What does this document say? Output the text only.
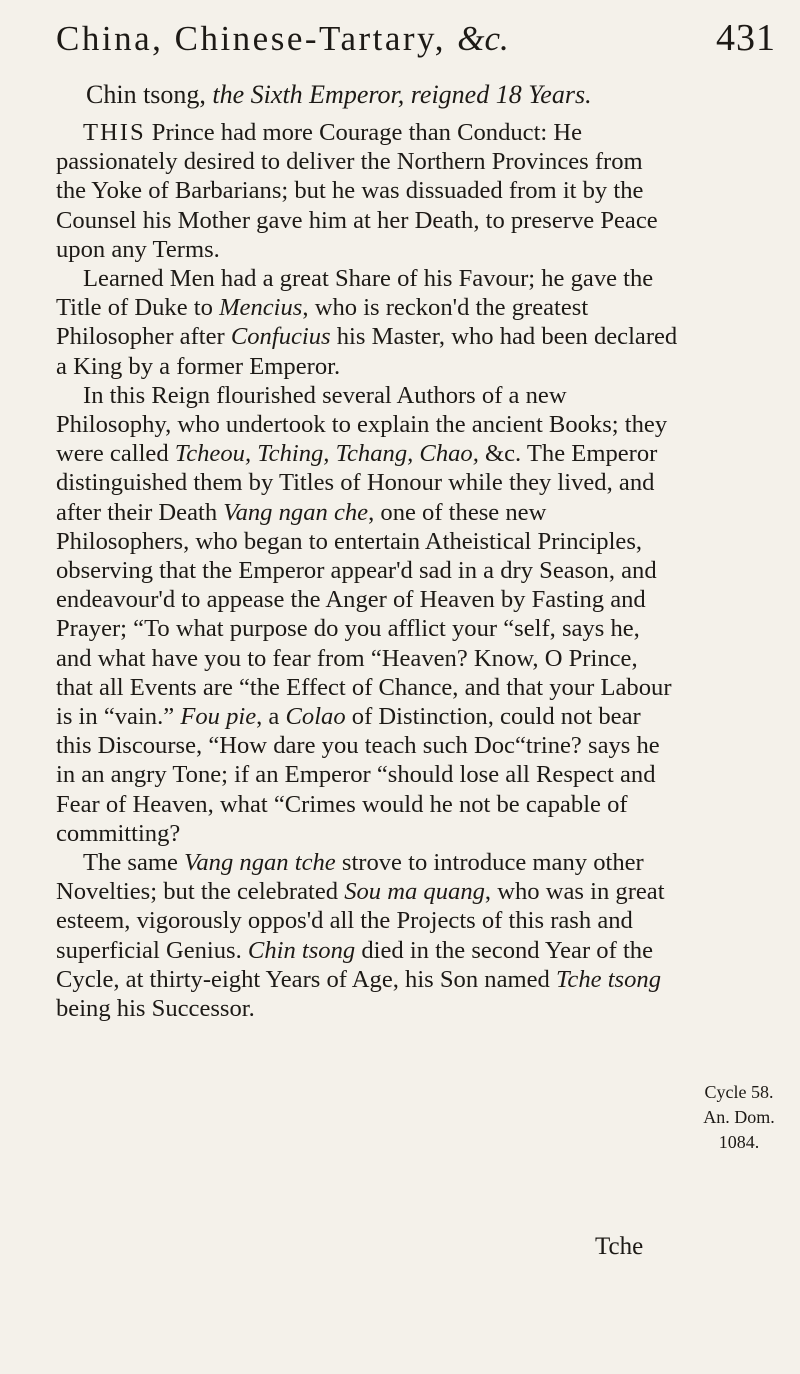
China, Chinese-Tartary, &c.	431
Chin tsong, the Sixth Emperor, reigned 18 Years.

THIS Prince had more Courage than Conduct: He passionately desired to deliver the Northern Provinces from the Yoke of Barbarians; but he was dissuaded from it by the Counsel his Mother gave him at her Death, to preserve Peace upon any Terms.

Learned Men had a great Share of his Favour; he gave the Title of Duke to Mencius, who is reckon'd the greatest Philosopher after Confucius his Master, who had been declared a King by a former Emperor.

In this Reign flourished several Authors of a new Philosophy, who undertook to explain the ancient Books; they were called Tcheou, Tching, Tchang, Chao, &c. The Emperor distinguished them by Titles of Honour while they lived, and after their Death Vang ngan che, one of these new Philosophers, who began to entertain Atheistical Principles, observing that the Emperor appear'd sad in a dry Season, and endeavour'd to appease the Anger of Heaven by Fasting and Prayer; “To what purpose do you afflict your “self, says he, and what have you to fear from “Heaven? Know, O Prince, that all Events are “the Effect of Chance, and that your Labour is in “vain.” Fou pie, a Colao of Distinction, could not bear this Discourse, “How dare you teach such Doc“trine? says he in an angry Tone; if an Emperor “should lose all Respect and Fear of Heaven, what “Crimes would he not be capable of committing?

The same Vang ngan tche strove to introduce many other Novelties; but the celebrated Sou ma quang, who was in great esteem, vigorously oppos'd all the Projects of this rash and superficial Genius. Chin tsong died in the second Year of the Cycle, at thirty-eight Years of Age, his Son named Tche tsong being his Successor.

Cycle 58.
An. Dom.
1084.
Tche
